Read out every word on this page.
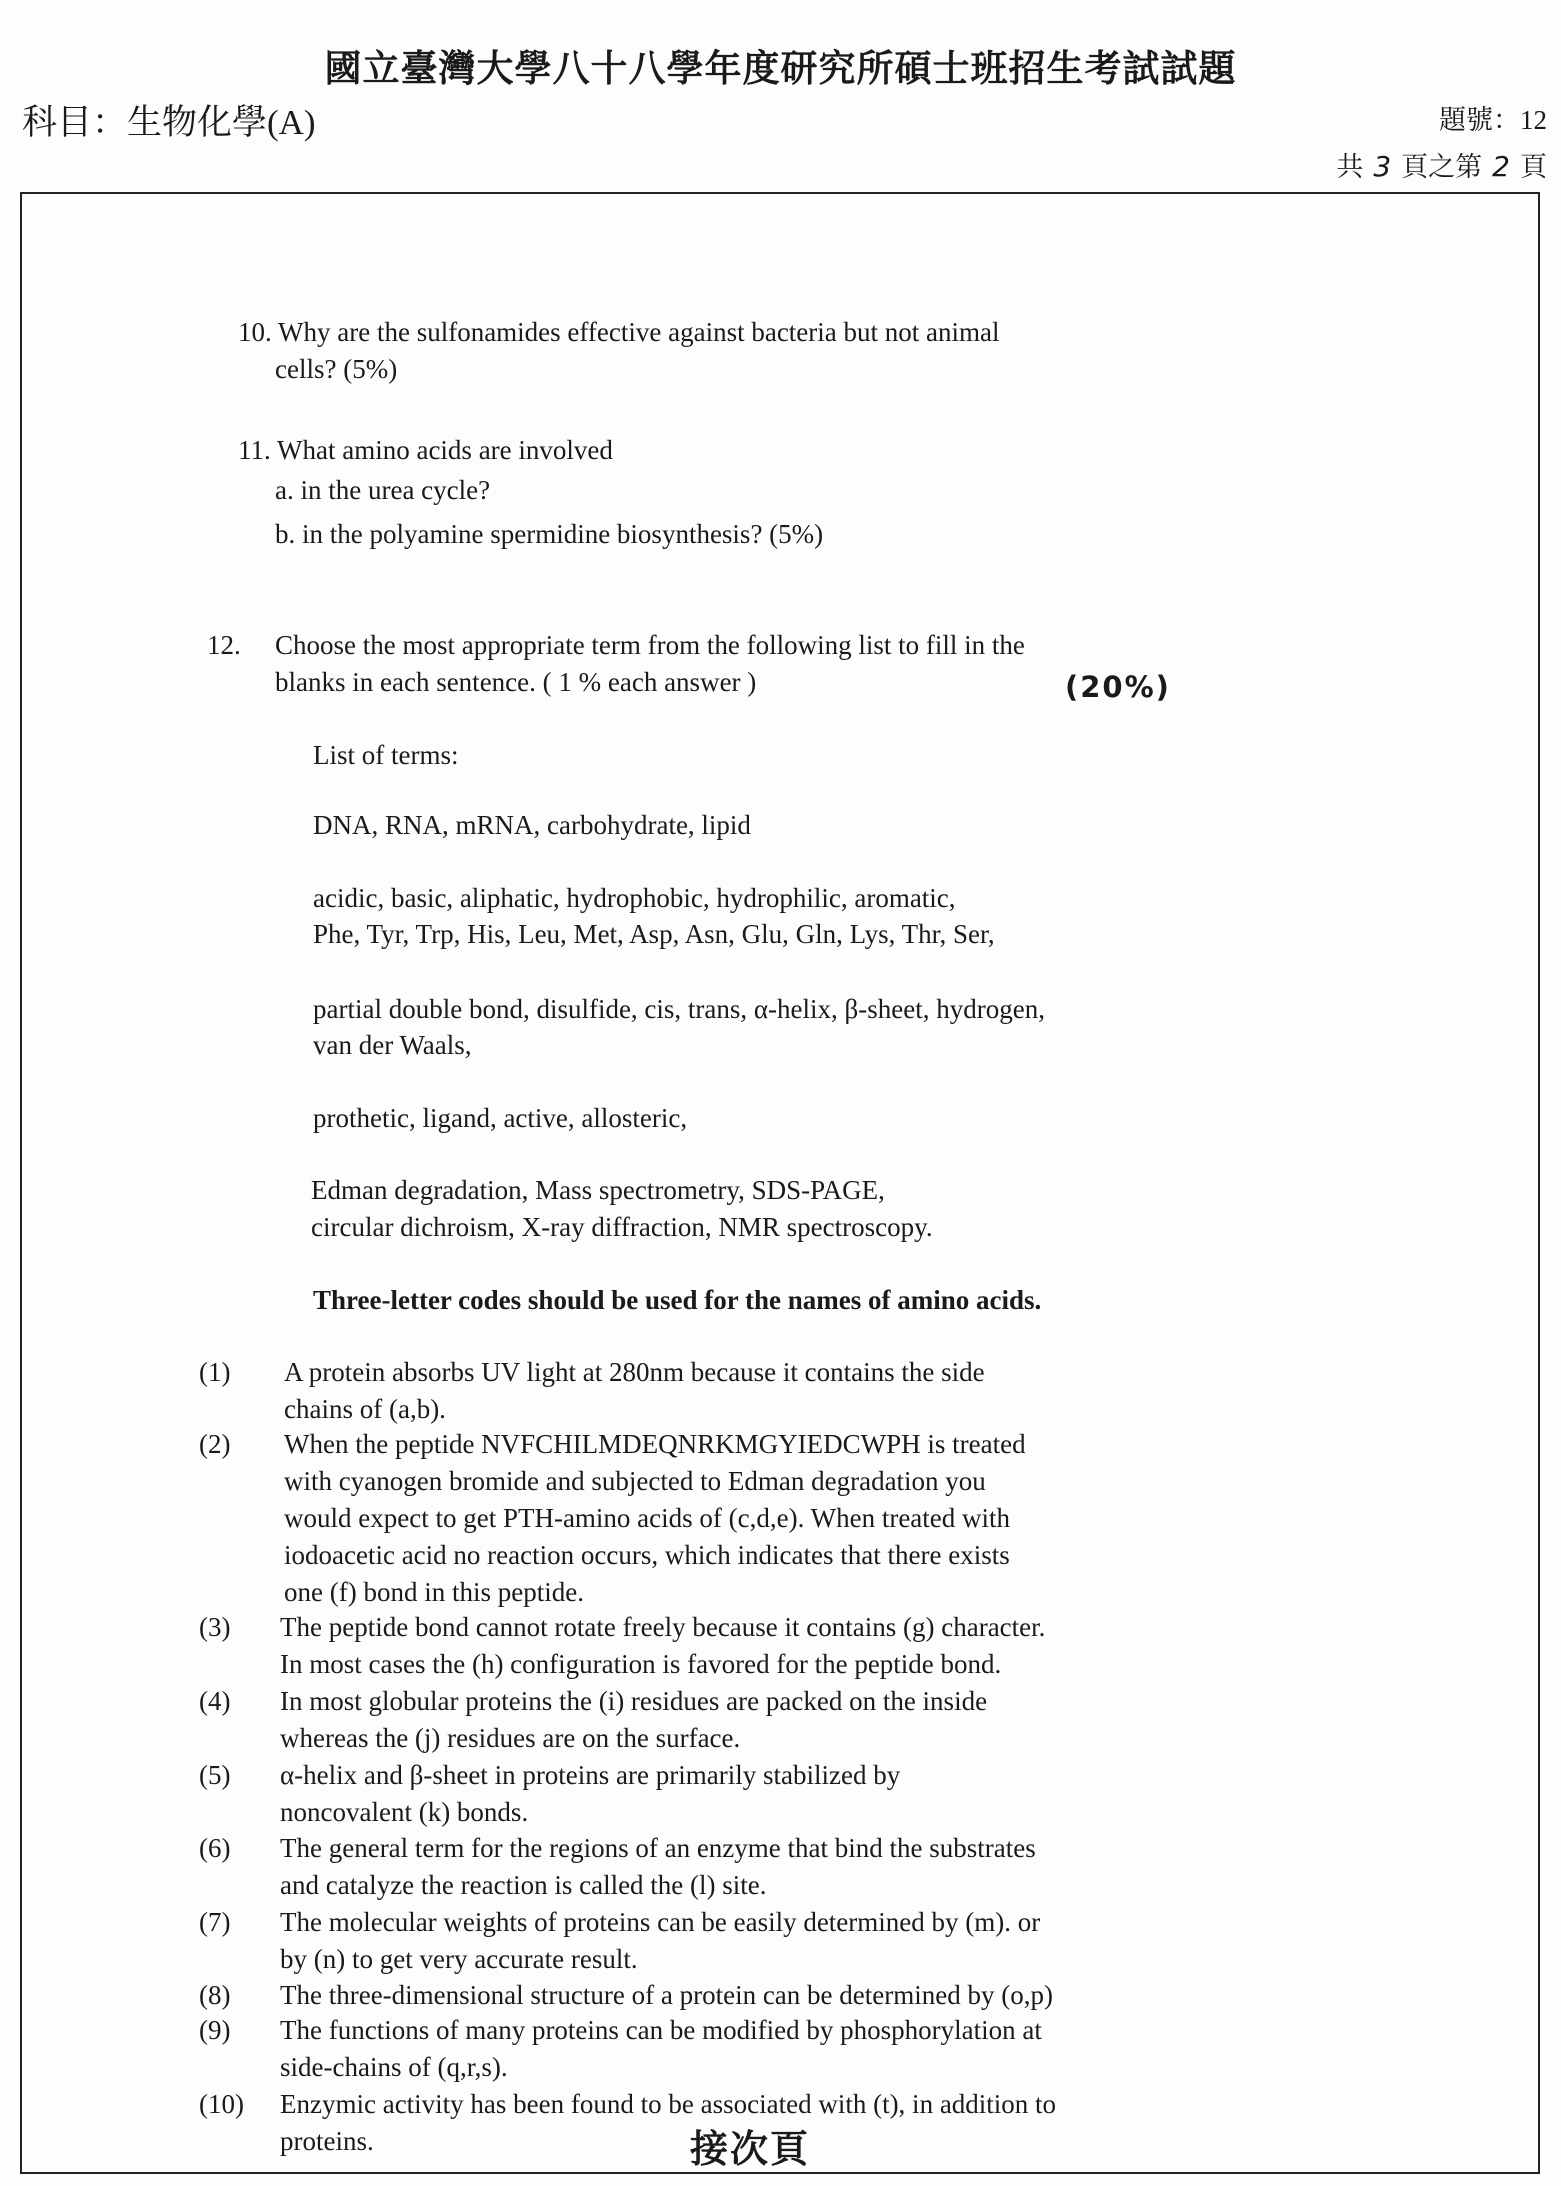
國立臺灣大學八十八學年度研究所碩士班招生考試試題
科目：生物化學(A)	題號：12
共 3 頁之第 2 頁
10. Why are the sulfonamides effective against bacteria but not animal
cells? (5%)
11. What amino acids are involved
a. in the urea cycle?
b. in the polyamine spermidine biosynthesis? (5%)
12. Choose the most appropriate term from the following list to fill in the
blanks in each sentence. ( 1 % each answer )	(20%)
List of terms:
DNA, RNA, mRNA, carbohydrate, lipid
acidic, basic, aliphatic, hydrophobic, hydrophilic, aromatic,
Phe, Tyr, Trp, His, Leu, Met, Asp, Asn, Glu, Gln, Lys, Thr, Ser,
partial double bond, disulfide, cis, trans, α-helix, β-sheet, hydrogen,
van der Waals,
prothetic, ligand, active, allosteric,
Edman degradation, Mass spectrometry, SDS-PAGE,
circular dichroism, X-ray diffraction, NMR spectroscopy.
Three-letter codes should be used for the names of amino acids.
(1) A protein absorbs UV light at 280nm because it contains the side
chains of (a,b).
(2) When the peptide NVFCHILMDEQNRKMGYIEDCWPH is treated
with cyanogen bromide and subjected to Edman degradation you
would expect to get PTH-amino acids of (c,d,e). When treated with
iodoacetic acid no reaction occurs, which indicates that there exists
one (f) bond in this peptide.
(3) The peptide bond cannot rotate freely because it contains (g) character.
In most cases the (h) configuration is favored for the peptide bond.
(4) In most globular proteins the (i) residues are packed on the inside
whereas the (j) residues are on the surface.
(5) α-helix and β-sheet in proteins are primarily stabilized by
noncovalent (k) bonds.
(6) The general term for the regions of an enzyme that bind the substrates
and catalyze the reaction is called the (l) site.
(7) The molecular weights of proteins can be easily determined by (m). or
by (n) to get very accurate result.
(8) The three-dimensional structure of a protein can be determined by (o,p)
(9) The functions of many proteins can be modified by phosphorylation at
side-chains of (q,r,s).
(10) Enzymic activity has been found to be associated with (t), in addition to
proteins.	接次頁
